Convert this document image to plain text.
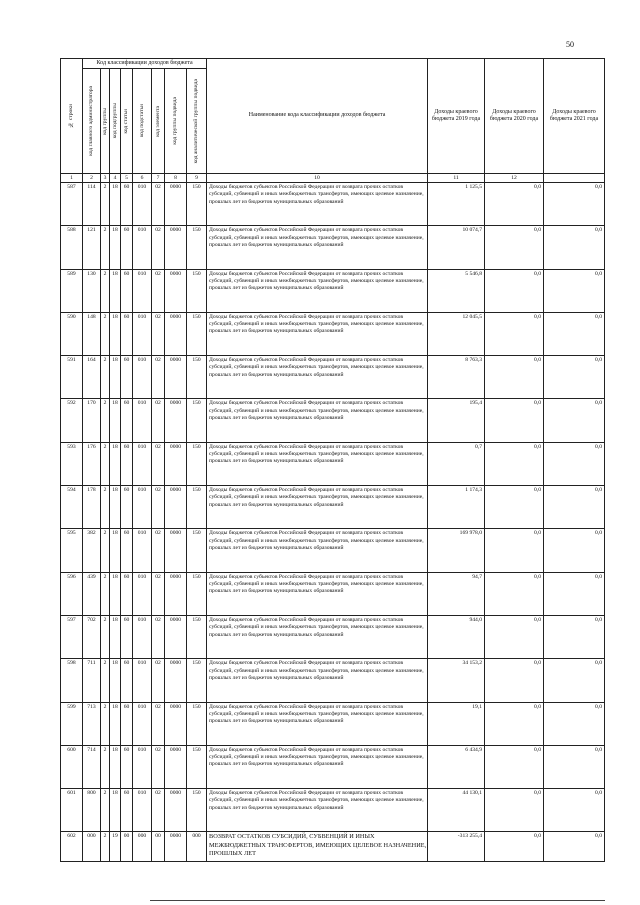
50
№ строки	Код классификации доходов бюджета								Наименование кода классификации доходов бюджета	Доходы краевого бюджета 2019 года	Доходы краевого бюджета 2020 года	Доходы краевого бюджета 2021 года

	код главного администратора	код группы	код подгруппы	код статьи	код подстатьи	код элемента	код группы подвида	код аналитической группы подвида				

1	2	3	4	5	6	7	8	9	10	11	12	
587	114	2	18	60	010	02	0000	150	Доходы бюджетов субъектов Российской Федерации от возврата прочих остатков субсидий, субвенций и иных межбюджетных трансфертов, имеющих целевое назначение, прошлых лет из бюджетов муниципальных образований	1 125,5	0,0	0,0
588	121	2	18	60	010	02	0000	150	Доходы бюджетов субъектов Российской Федерации от возврата прочих остатков субсидий, субвенций и иных межбюджетных трансфертов, имеющих целевое назначение, прошлых лет из бюджетов муниципальных образований	10 074,7	0,0	0,0
589	130	2	18	60	010	02	0000	150	Доходы бюджетов субъектов Российской Федерации от возврата прочих остатков субсидий, субвенций и иных межбюджетных трансфертов, имеющих целевое назначение, прошлых лет из бюджетов муниципальных образований	5 546,8	0,0	0,0
590	148	2	18	60	010	02	0000	150	Доходы бюджетов субъектов Российской Федерации от возврата прочих остатков субсидий, субвенций и иных межбюджетных трансфертов, имеющих целевое назначение, прошлых лет из бюджетов муниципальных образований	12 045,5	0,0	0,0
591	164	2	18	60	010	02	0000	150	Доходы бюджетов субъектов Российской Федерации от возврата прочих остатков субсидий, субвенций и иных межбюджетных трансфертов, имеющих целевое назначение, прошлых лет из бюджетов муниципальных образований	8 763,3	0,0	0,0
592	170	2	18	60	010	02	0000	150	Доходы бюджетов субъектов Российской Федерации от возврата прочих остатков субсидий, субвенций и иных межбюджетных трансфертов, имеющих целевое назначение, прошлых лет из бюджетов муниципальных образований	195,4	0,0	0,0
593	176	2	18	60	010	02	0000	150	Доходы бюджетов субъектов Российской Федерации от возврата прочих остатков субсидий, субвенций и иных межбюджетных трансфертов, имеющих целевое назначение, прошлых лет из бюджетов муниципальных образований	0,7	0,0	0,0
594	178	2	18	60	010	02	0000	150	Доходы бюджетов субъектов Российской Федерации от возврата прочих остатков субсидий, субвенций и иных межбюджетных трансфертов, имеющих целевое назначение, прошлых лет из бюджетов муниципальных образований	1 174,3	0,0	0,0
595	382	2	18	60	010	02	0000	150	Доходы бюджетов субъектов Российской Федерации от возврата прочих остатков субсидий, субвенций и иных межбюджетных трансфертов, имеющих целевое назначение, прошлых лет из бюджетов муниципальных образований	169 978,0	0,0	0,0
596	439	2	18	60	010	02	0000	150	Доходы бюджетов субъектов Российской Федерации от возврата прочих остатков субсидий, субвенций и иных межбюджетных трансфертов, имеющих целевое назначение, прошлых лет из бюджетов муниципальных образований	94,7	0,0	0,0
597	702	2	18	60	010	02	0000	150	Доходы бюджетов субъектов Российской Федерации от возврата прочих остатков субсидий, субвенций и иных межбюджетных трансфертов, имеющих целевое назначение, прошлых лет из бюджетов муниципальных образований	944,0	0,0	0,0
598	711	2	18	60	010	02	0000	150	Доходы бюджетов субъектов Российской Федерации от возврата прочих остатков субсидий, субвенций и иных межбюджетных трансфертов, имеющих целевое назначение, прошлых лет из бюджетов муниципальных образований	34 153,2	0,0	0,0
599	713	2	18	60	010	02	0000	150	Доходы бюджетов субъектов Российской Федерации от возврата прочих остатков субсидий, субвенций и иных межбюджетных трансфертов, имеющих целевое назначение, прошлых лет из бюджетов муниципальных образований	19,1	0,0	0,0
600	714	2	18	60	010	02	0000	150	Доходы бюджетов субъектов Российской Федерации от возврата прочих остатков субсидий, субвенций и иных межбюджетных трансфертов, имеющих целевое назначение, прошлых лет из бюджетов муниципальных образований	6 434,9	0,0	0,0
601	800	2	18	60	010	02	0000	150	Доходы бюджетов субъектов Российской Федерации от возврата прочих остатков субсидий, субвенций и иных межбюджетных трансфертов, имеющих целевое назначение, прошлых лет из бюджетов муниципальных образований	44 130,1	0,0	0,0
602	000	2	19	00	000	00	0000	000	ВОЗВРАТ ОСТАТКОВ СУБСИДИЙ, СУБВЕНЦИЙ И ИНЫХ МЕЖБЮДЖЕТНЫХ ТРАНСФЕРТОВ, ИМЕЮЩИХ ЦЕЛЕВОЕ НАЗНАЧЕНИЕ, ПРОШЛЫХ ЛЕТ	-313 255,4	0,0	0,0
